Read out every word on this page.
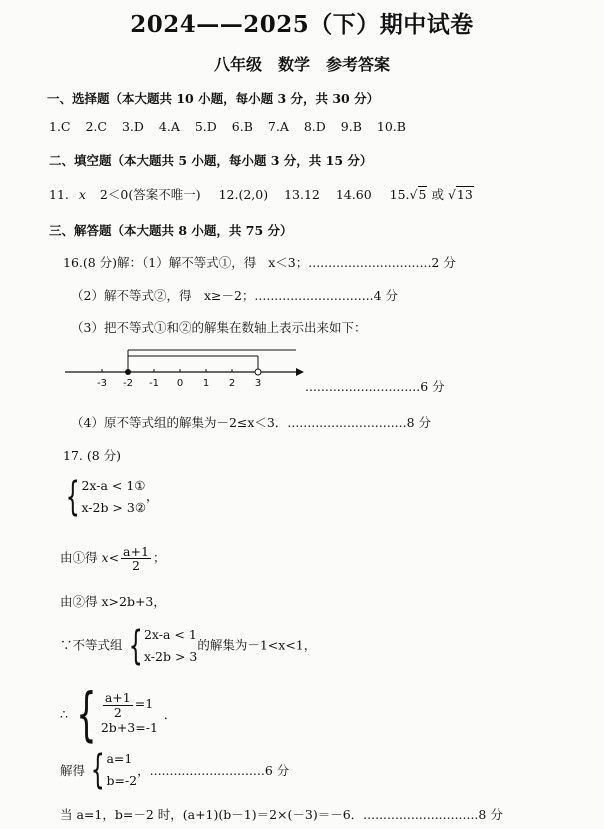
2024——2025（下）期中试卷
八年级　数学　参考答案
一、选择题（本大题共 10 小题，每小题 3 分，共 30 分）
1.C 2.C 3.D 4.A 5.D 6.B 7.A 8.D 9.B 10.B
二、填空题（本大题共 5 小题，每小题 3 分，共 15 分）
11. x 2＜0(答案不唯一) 12.(2,0) 13.12 14.60 15.√5 或 √13
三、解答题（本大题共 8 小题，共 75 分）
16.(8 分)解：（1）解不等式①，得 x＜3；...............................2 分
（2）解不等式②，得　x≥－2；..............................4 分
（3）把不等式①和②的解集在数轴上表示出来如下：
-3 -2 -1 0 1 2 3	.............................6 分
（4）原不等式组的解集为－2≤x＜3．..............................8 分
17. (8 分)
{ 2x-a < 1①
x-2b > 3②，
由①得 $x< \frac{a+1}{2}$ ；
由②得 x>2b+3，
∵不等式组 { 2x-a < 1
x-2b > 3的解集为－1<x<1，
∴ { $\frac{a+1}{2} =1$
2b+3=-1．
解得 { a=1
b=-2，.............................6 分
当 a=1，b=－2 时，(a+1)(b－1)＝2×(－3)＝－6．.............................8 分
